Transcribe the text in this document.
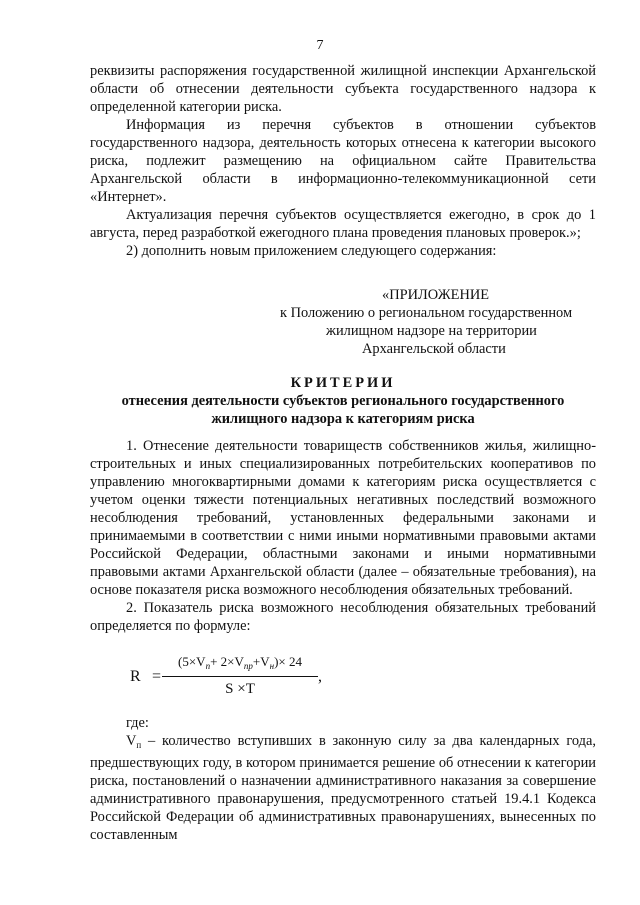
7

реквизиты распоряжения государственной жилищной инспекции Архангельской области об отнесении деятельности субъекта государственного надзора к определенной категории риска.

Информация из перечня субъектов в отношении субъектов государственного надзора, деятельность которых отнесена к категории высокого риска, подлежит размещению на официальном сайте Правительства Архангельской области в информационно-телекоммуникационной сети «Интернет».

Актуализация перечня субъектов осуществляется ежегодно, в срок до 1 августа, перед разработкой ежегодного плана проведения плановых проверок.»;

2) дополнить новым приложением следующего содержания:

«ПРИЛОЖЕНИЕ
к Положению о региональном государственном
жилищном надзоре на территории
Архангельской области
КРИТЕРИИ
отнесения деятельности субъектов регионального государственного
жилищного надзора к категориям риска

1. Отнесение деятельности товариществ собственников жилья, жилищно-строительных и иных специализированных потребительских кооперативов по управлению многоквартирными домами к категориям риска осуществляется с учетом оценки тяжести потенциальных негативных последствий возможного несоблюдения требований, установленных федеральными законами и принимаемыми в соответствии с ними иными нормативными правовыми актами Российской Федерации, областными законами и иными нормативными правовыми актами Архангельской области (далее – обязательные требования), на основе показателя риска возможного несоблюдения обязательных требований.

2. Показатель риска возможного несоблюдения обязательных требований определяется по формуле:

R =
$(5\times V_п+ 2\times V_{пр}+V_н)\times 24$
S ×T
,

где:

$V_п$ – количество вступивших в законную силу за два календарных года, предшествующих году, в котором принимается решение об отнесении к категории риска, постановлений о назначении административного наказания за совершение административного правонарушения, предусмотренного статьей 19.4.1 Кодекса Российской Федерации об административных правонарушениях, вынесенных по составленным
